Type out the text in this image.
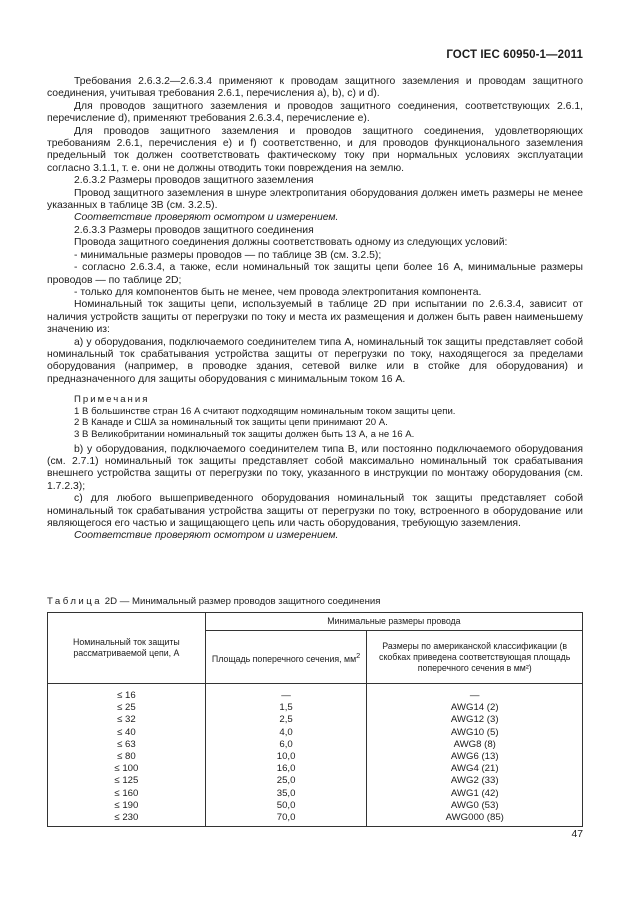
ГОСТ IEC 60950-1—2011

Требования 2.6.3.2—2.6.3.4 применяют к проводам защитного заземления и проводам защитного соединения, учитывая требования 2.6.1, перечисления а), b), с) и d).

Для проводов защитного заземления и проводов защитного соединения, соответствующих 2.6.1, перечисление d), применяют требования 2.6.3.4, перечисление е).

Для проводов защитного заземления и проводов защитного соединения, удовлетворяющих требованиям 2.6.1, перечисления е) и f) соответственно, и для проводов функционального заземления предельный ток должен соответствовать фактическому току при нормальных условиях эксплуатации согласно 3.1.1, т. е. они не должны отводить токи повреждения на землю.

2.6.3.2 Размеры проводов защитного заземления

Провод защитного заземления в шнуре электропитания оборудования должен иметь размеры не менее указанных в таблице 3В (см. 3.2.5).

Соответствие проверяют осмотром и измерением.

2.6.3.3 Размеры проводов защитного соединения

Провода защитного соединения должны соответствовать одному из следующих условий:

- минимальные размеры проводов — по таблице 3В (см. 3.2.5);

- согласно 2.6.3.4, а также, если номинальный ток защиты цепи более 16 А, минимальные размеры проводов — по таблице 2D;

- только для компонентов быть не менее, чем провода электропитания компонента.

Номинальный ток защиты цепи, используемый в таблице 2D при испытании по 2.6.3.4, зависит от наличия устройств защиты от перегрузки по току и места их размещения и должен быть равен наименьшему значению из:

а) у оборудования, подключаемого соединителем типа А, номинальный ток защиты представляет собой номинальный ток срабатывания устройства защиты от перегрузки по току, находящегося за пределами оборудования (например, в проводке здания, сетевой вилке или в стойке для оборудования) и предназначенного для защиты оборудования с минимальным током 16 А.

Примечания
1 В большинстве стран 16 А считают подходящим номинальным током защиты цепи.
2 В Канаде и США за номинальный ток защиты цепи принимают 20 А.
3 В Великобритании номинальный ток защиты должен быть 13 А, а не 16 А.

b) у оборудования, подключаемого соединителем типа В, или постоянно подключаемого оборудования (см. 2.7.1) номинальный ток защиты представляет собой максимально номинальный ток срабатывания внешнего устройства защиты от перегрузки по току, указанного в инструкции по монтажу оборудования (см. 1.7.2.3);

с) для любого вышеприведенного оборудования номинальный ток защиты представляет собой номинальный ток срабатывания устройства защиты от перегрузки по току, встроенного в оборудование или являющегося его частью и защищающего цепь или часть оборудования, требующую заземления.

Соответствие проверяют осмотром и измерением.

Таблица 2D — Минимальный размер проводов защитного соединения
Номинальный ток защиты рассматриваемой цепи, А	Минимальные размеры провода	
	Площадь поперечного сечения, $мм^2$	Размеры по американской классификации (в скобках приведена соответствующая площадь поперечного сечения в мм²)
≤ 16	—	—
≤ 25	1,5	AWG14 (2)
≤ 32	2,5	AWG12 (3)
≤ 40	4,0	AWG10 (5)
≤ 63	6,0	AWG8 (8)
≤ 80	10,0	AWG6 (13)
≤ 100	16,0	AWG4 (21)
≤ 125	25,0	AWG2 (33)
≤ 160	35,0	AWG1 (42)
≤ 190	50,0	AWG0 (53)
≤ 230	70,0	AWG000 (85)
47
